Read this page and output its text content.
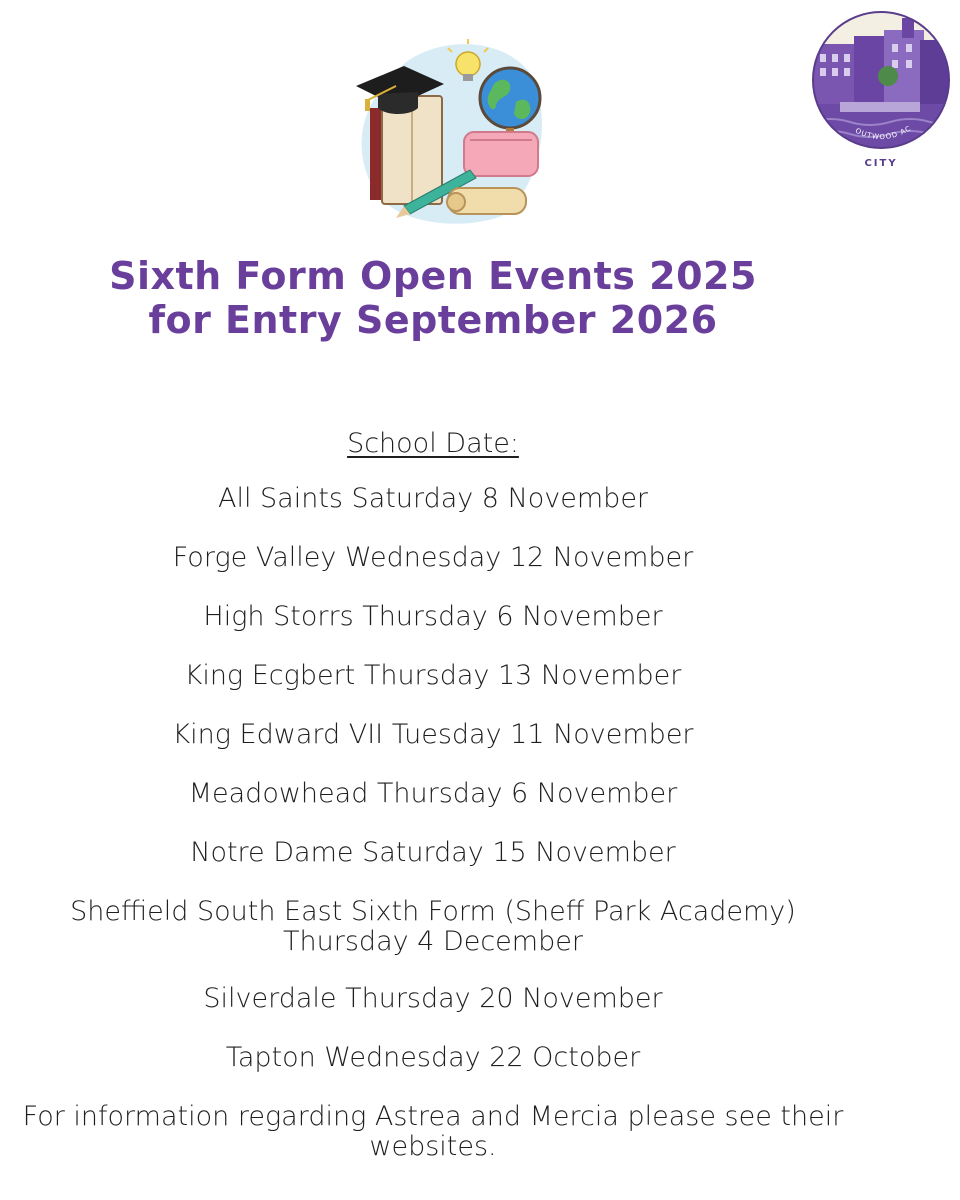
OUTWOOD AC
CITY
Sixth Form Open Events 2025
for Entry September 2026
School Date:
All Saints Saturday 8 November
Forge Valley Wednesday 12 November
High Storrs Thursday 6 November
King Ecgbert Thursday 13 November
King Edward VII Tuesday 11 November
Meadowhead Thursday 6 November
Notre Dame Saturday 15 November
Sheffield South East Sixth Form (Sheff Park Academy)
Thursday 4 December
Silverdale Thursday 20 November
Tapton Wednesday 22 October
For information regarding Astrea and Mercia please see their websites.
